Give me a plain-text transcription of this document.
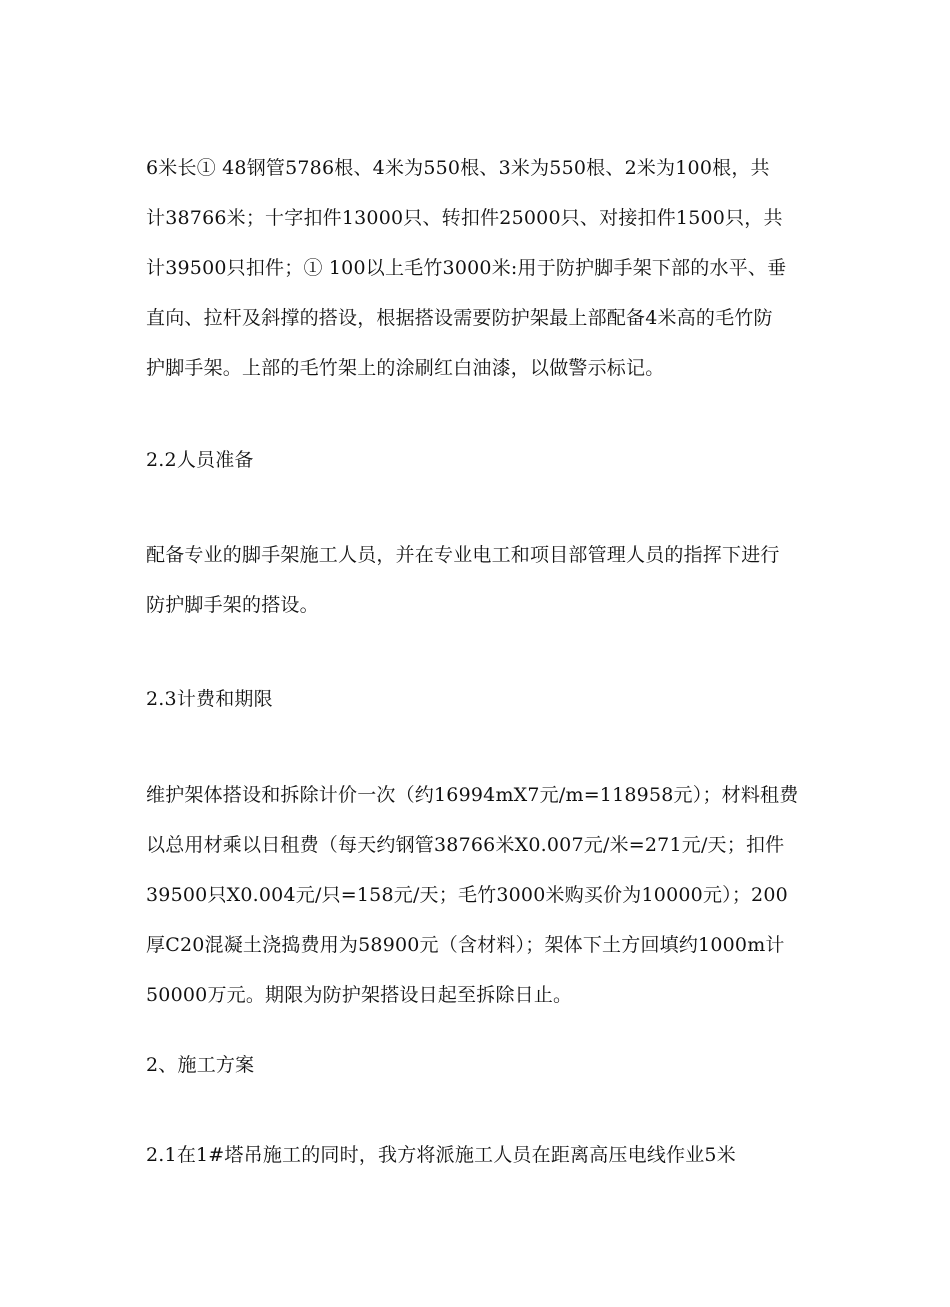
6米长① 48钢管5786根、4米为550根、3米为550根、2米为100根，共
计38766米；十字扣件13000只、转扣件25000只、对接扣件1500只，共
计39500只扣件；① 100以上毛竹3000米:用于防护脚手架下部的水平、垂
直向、拉杆及斜撑的搭设，根据搭设需要防护架最上部配备4米高的毛竹防
护脚手架。上部的毛竹架上的涂刷红白油漆，以做警示标记。

2.2人员准备

配备专业的脚手架施工人员，并在专业电工和项目部管理人员的指挥下进行
防护脚手架的搭设。

2.3计费和期限

维护架体搭设和拆除计价一次（约16994mX7元/m=118958元）；材料租费
以总用材乘以日租费（每天约钢管38766米X0.007元/米=271元/天；扣件
39500只X0.004元/只=158元/天；毛竹3000米购买价为10000元）；200
厚C20混凝土浇捣费用为58900元（含材料）；架体下土方回填约1000m计
50000万元。期限为防护架搭设日起至拆除日止。

2、施工方案

2.1在1#塔吊施工的同时，我方将派施工人员在距离高压电线作业5米
